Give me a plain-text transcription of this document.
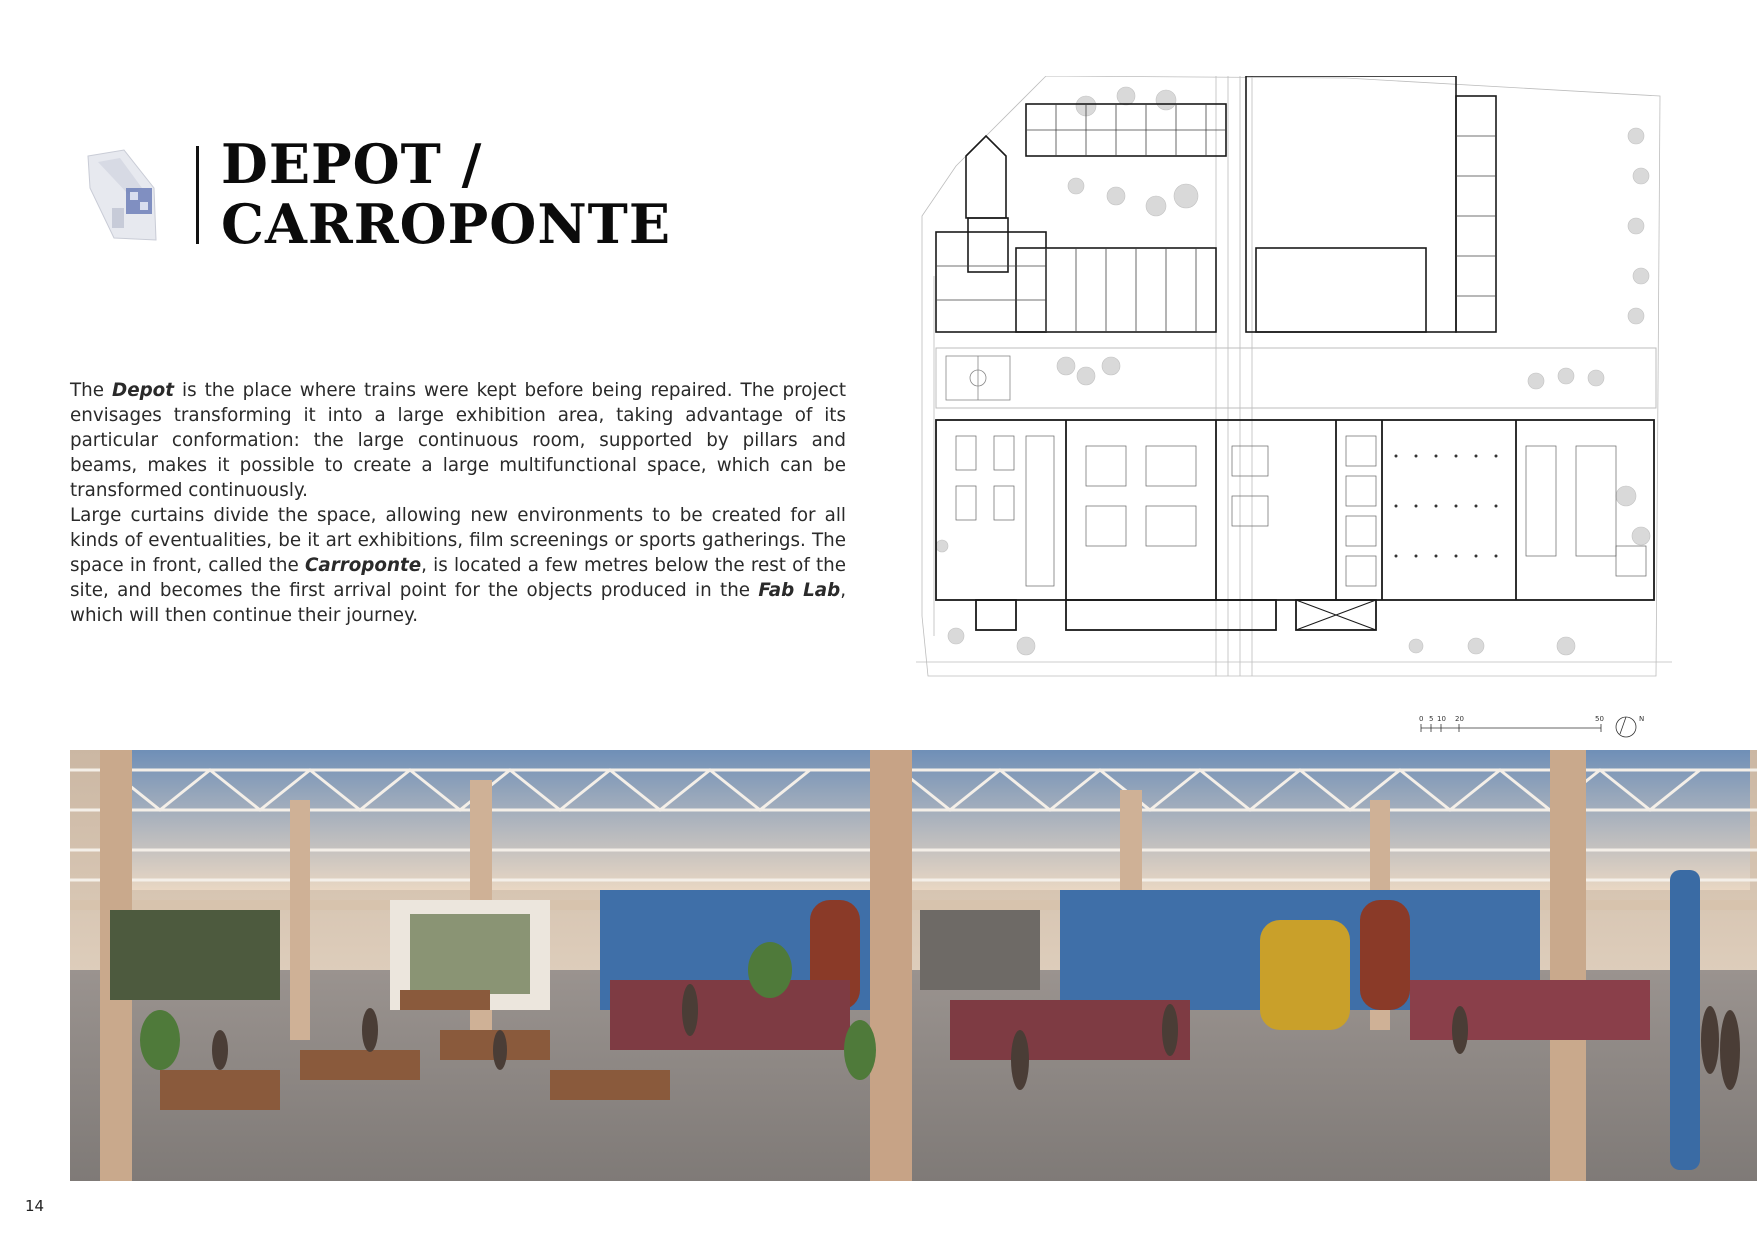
DEPOT /
CARROPONTE

The Depot is the place where trains were kept before being repaired. The project envisages transforming it into a large exhibition area, taking advantage of its particular conformation: the large continuous room, supported by pillars and beams, makes it possible to create a large multifunctional space, which can be transformed continuously.

Large curtains divide the space, allowing new environments to be created for all kinds of eventualities, be it art exhibitions, film screenings or sports gatherings. The space in front, called the Carroponte, is located a few metres below the rest of the site, and becomes the first arrival point for the objects produced in the Fab Lab, which will then continue their journey.

0 5 10 20	50	N
14
